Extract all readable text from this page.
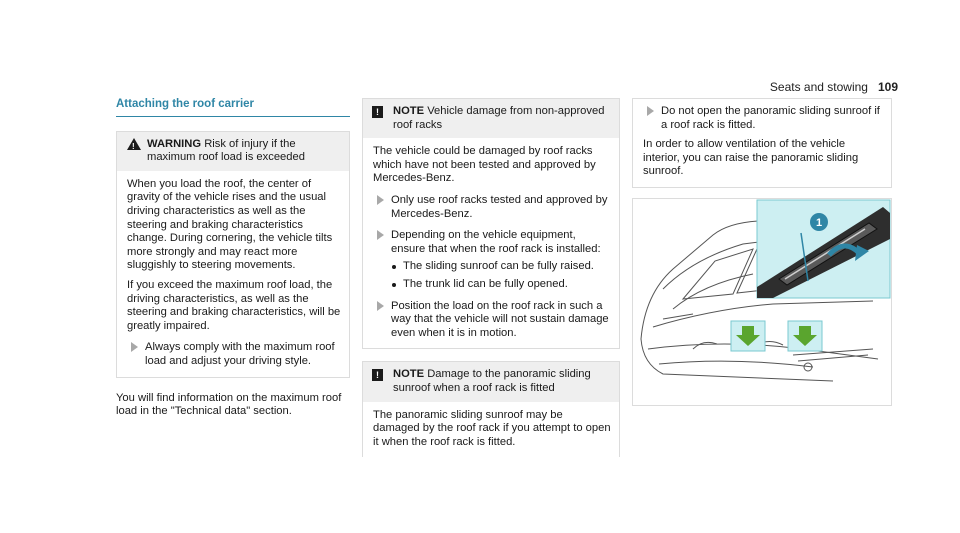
Seats and stowing 109
Attaching the roof carrier
! WARNING Risk of injury if the maximum roof load is exceeded

When you load the roof, the center of gravity of the vehicle rises and the usual driving characteristics as well as the steering and braking characteristics change. During cornering, the vehicle tilts more strongly and may react more sluggishly to steering movements.

If you exceed the maximum roof load, the driving characteristics, as well as the steering and braking characteristics, will be greatly impaired.

Always comply with the maximum roof load and adjust your driving style.

You will find information on the maximum roof load in the "Technical data" section.

!	NOTE Vehicle damage from non-approved roof racks

The vehicle could be damaged by roof racks which have not been tested and approved by Mercedes-Benz.

Only use roof racks tested and approved by Mercedes-Benz.
Depending on the vehicle equipment, ensure that when the roof rack is installed:
The sliding sunroof can be fully raised.
The trunk lid can be fully opened.
Position the load on the roof rack in such a way that the vehicle will not sustain damage even when it is in motion.
!	NOTE Damage to the panoramic sliding sunroof when a roof rack is fitted

The panoramic sliding sunroof may be damaged by the roof rack if you attempt to open it when the roof rack is fitted.

Do not open the panoramic sliding sunroof if a roof rack is fitted.

In order to allow ventilation of the vehicle interior, you can raise the panoramic sliding sunroof.

1
